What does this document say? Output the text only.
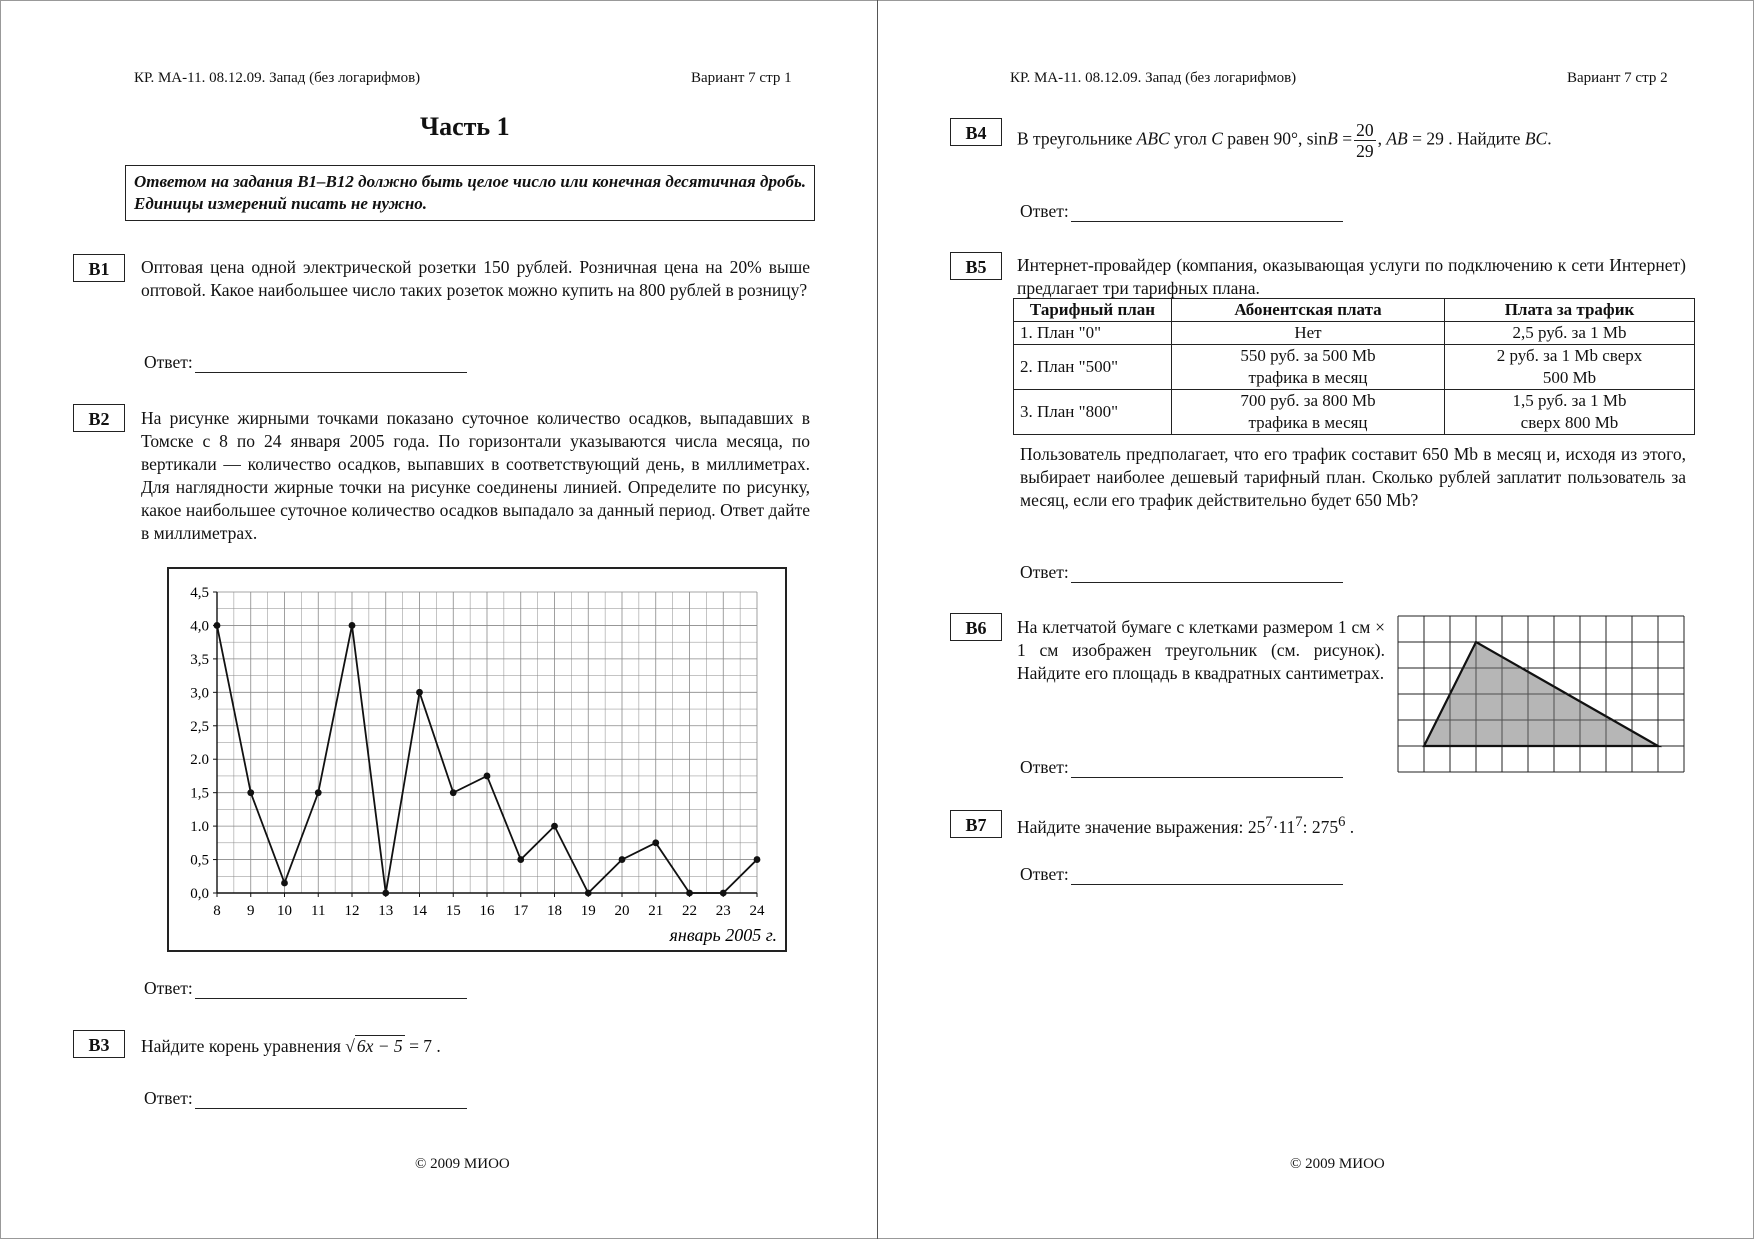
КР. МА-11. 08.12.09. Запад (без логарифмов)	Вариант 7 стр 1
Часть 1
Ответом на задания В1–В12 должно быть целое число или конечная десятичная дробь. Единицы измерений писать не нужно.
B1	Оптовая цена одной электрической розетки 150 рублей. Розничная цена на 20% выше оптовой. Какое наибольшее число таких розеток можно купить на 800 рублей в розницу?
Ответ:
B2	На рисунке жирными точками показано суточное количество осадков, выпадавших в Томске с 8 по 24 января 2005 года. По горизонтали указываются числа месяца, по вертикали — количество осадков, выпавших в соответствующий день, в миллиметрах. Для наглядности жирные точки на рисунке соединены линией. Определите по рисунку, какое наибольшее суточное количество осадков выпадало за данный период. Ответ дайте в миллиметрах.
0,0
0,5
1.0
1,5
2.0
2,5
3,0
3,5
4,0
4,5
8 9 10 11 12 13 14 15 16 17 18 19 20 21 22 23 24
январь 2005 г.
Ответ:
B3	Найдите корень уравнения √ 6x − 5 = 7 .
Ответ:
© 2009 МИОО
КР. МА-11. 08.12.09. Запад (без логарифмов)	Вариант 7 стр 2
B4	В треугольнике ABC угол C равен 90°, $\sin B = \frac{20}{29}$ , AB = 29 . Найдите BC.
Ответ:
B5	Интернет-провайдер (компания, оказывающая услуги по подключению к сети Интернет) предлагает три тарифных плана.
Тарифный план	Абонентская плата	Плата за трафик
1. План "0"	Нет	2,5 руб. за 1 Mb
2. План "500"	550 руб. за 500 Mb трафика в месяц	2 руб. за 1 Mb сверх 500 Mb
3. План "800"	700 руб. за 800 Mb трафика в месяц	1,5 руб. за 1 Mb сверх 800 Mb
Пользователь предполагает, что его трафик составит 650 Mb в месяц и, исходя из этого, выбирает наиболее дешевый тарифный план. Сколько рублей заплатит пользователь за месяц, если его трафик действительно будет 650 Mb?
Ответ:
B6	На клетчатой бумаге с клетками размером 1 см × 1 см изображен треугольник (см. рисунок). Найдите его площадь в квадратных сантиметрах.
Ответ:
B7	Найдите значение выражения: $25^7\cdot 11^7$: $275^6$ .
Ответ:
© 2009 МИОО
